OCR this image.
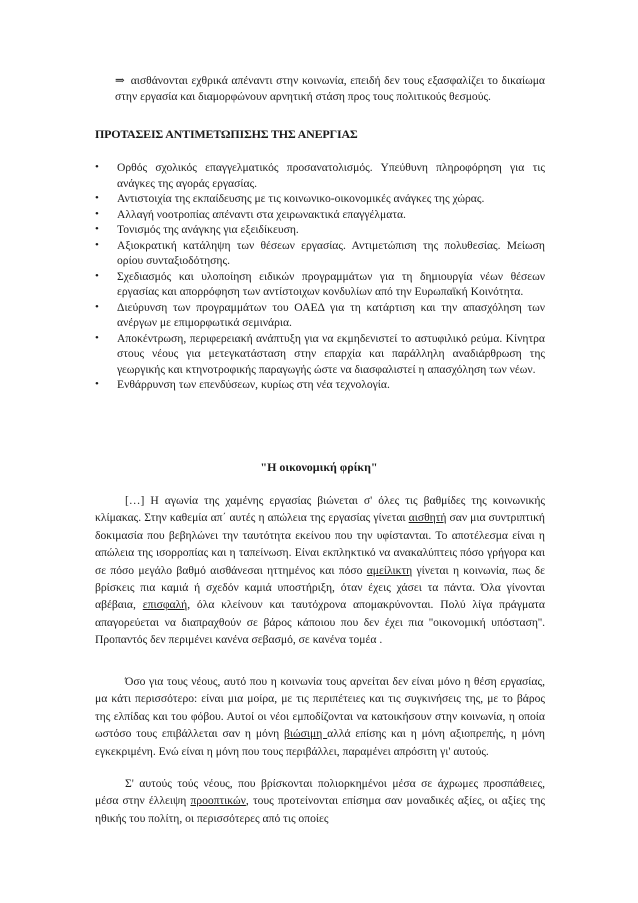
⇒ αισθάνονται εχθρικά απέναντι στην κοινωνία, επειδή δεν τους εξασφαλίζει το δικαίωμα στην εργασία και διαμορφώνουν αρνητική στάση προς τους πολιτικούς θεσμούς.
ΠΡΟΤΑΣΕΙΣ ΑΝΤΙΜΕΤΩΠΙΣΗΣ ΤΗΣ ΑΝΕΡΓΙΑΣ
• Ορθός σχολικός επαγγελματικός προσανατολισμός. Υπεύθυνη πληροφόρηση για τις ανάγκες της αγοράς εργασίας.
• Αντιστοιχία της εκπαίδευσης με τις κοινωνικο-οικονομικές ανάγκες της χώρας.
• Αλλαγή νοοτροπίας απέναντι στα χειρωνακτικά επαγγέλματα.
• Τονισμός της ανάγκης για εξειδίκευση.
• Αξιοκρατική κατάληψη των θέσεων εργασίας. Αντιμετώπιση της πολυθεσίας. Μείωση ορίου συνταξιοδότησης.
• Σχεδιασμός και υλοποίηση ειδικών προγραμμάτων για τη δημιουργία νέων θέσεων εργασίας και απορρόφηση των αντίστοιχων κονδυλίων από την Ευρωπαϊκή Κοινότητα.
• Διεύρυνση των προγραμμάτων του ΟΑΕΔ για τη κατάρτιση και την απασχόληση των ανέργων με επιμορφωτικά σεμινάρια.
• Αποκέντρωση, περιφερειακή ανάπτυξη για να εκμηδενιστεί το αστυφιλικό ρεύμα. Κίνητρα στους νέους για μετεγκατάσταση στην επαρχία και παράλληλη αναδιάρθρωση της γεωργικής και κτηνοτροφικής παραγωγής ώστε να διασφαλιστεί η απασχόληση των νέων.
• Ενθάρρυνση των επενδύσεων, κυρίως στη νέα τεχνολογία.
"Η οικονομική φρίκη"

[…] Η αγωνία της χαμένης εργασίας βιώνεται σ' όλες τις βαθμίδες της κοινωνικής κλίμακας. Στην καθεμία απ΄ αυτές η απώλεια της εργασίας γίνεται αισθητή σαν μια συντριπτική δοκιμασία που βεβηλώνει την ταυτότητα εκείνου που την υφίστανται. Το αποτέλεσμα είναι η απώλεια της ισορροπίας και η ταπείνωση. Είναι εκπληκτικό να ανακαλύπτεις πόσο γρήγορα και σε πόσο μεγάλο βαθμό αισθάνεσαι ηττημένος και πόσο αμείλικτη γίνεται η κοινωνία, πως δε βρίσκεις πια καμιά ή σχεδόν καμιά υποστήριξη, όταν έχεις χάσει τα πάντα. Όλα γίνονται αβέβαια, επισφαλή, όλα κλείνουν και ταυτόχρονα απομακρύνονται. Πολύ λίγα πράγματα απαγορεύεται να διαπραχθούν σε βάρος κάποιου που δεν έχει πια ''οικονομική υπόσταση''. Προπαντός δεν περιμένει κανένα σεβασμό, σε κανένα τομέα .

Όσο για τους νέους, αυτό που η κοινωνία τους αρνείται δεν είναι μόνο η θέση εργασίας, μα κάτι περισσότερο: είναι μια μοίρα, με τις περιπέτειες και τις συγκινήσεις της, με το βάρος της ελπίδας και του φόβου. Αυτοί οι νέοι εμποδίζονται να κατοικήσουν στην κοινωνία, η οποία ωστόσο τους επιβάλλεται σαν η μόνη βιώσιμη αλλά επίσης και η μόνη αξιοπρεπής, η μόνη εγκεκριμένη. Ενώ είναι η μόνη που τους περιβάλλει, παραμένει απρόσιτη γι' αυτούς.

Σ' αυτούς τούς νέους, που βρίσκονται πολιορκημένοι μέσα σε άχρωμες προσπάθειες, μέσα στην έλλειψη προοπτικών, τους προτείνονται επίσημα σαν μοναδικές αξίες, οι αξίες της ηθικής του πολίτη, οι περισσότερες από τις οποίες
